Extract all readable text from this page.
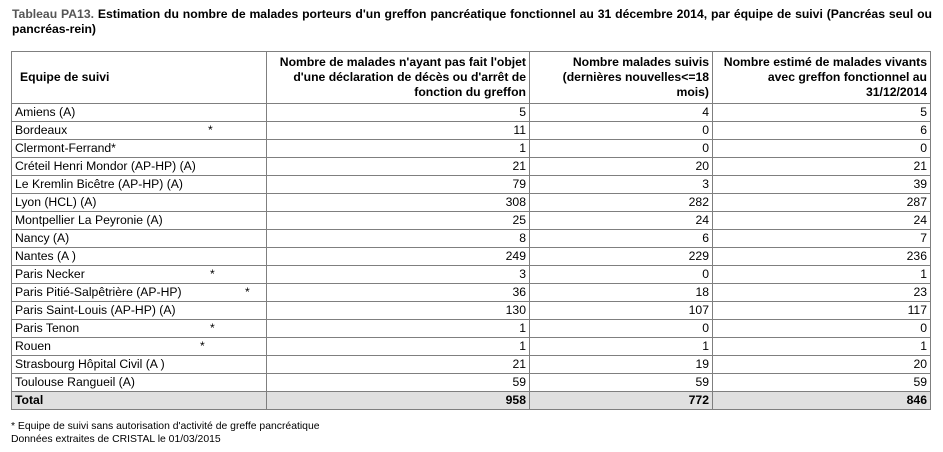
Tableau PA13. Estimation du nombre de malades porteurs d'un greffon pancréatique fonctionnel au 31 décembre 2014, par équipe de suivi (Pancréas seul ou pancréas-rein)
Equipe de suivi	Nombre de malades n'ayant pas fait l'objet d'une déclaration de décès ou d'arrêt de fonction du greffon	Nombre malades suivis (dernières nouvelles<=18 mois)	Nombre estimé de malades vivants avec greffon fonctionnel au 31/12/2014
Amiens (A)	5	4	5
Bordeaux *	11	0	6
Clermont-Ferrand*	1	0	0
Créteil Henri Mondor (AP-HP) (A)	21	20	21
Le Kremlin Bicêtre (AP-HP) (A)	79	3	39
Lyon (HCL) (A)	308	282	287
Montpellier La Peyronie (A)	25	24	24
Nancy (A)	8	6	7
Nantes (A )	249	229	236
Paris Necker *	3	0	1
Paris Pitié-Salpêtrière (AP-HP) *	36	18	23
Paris Saint-Louis (AP-HP) (A)	130	107	117
Paris Tenon *	1	0	0
Rouen *	1	1	1
Strasbourg Hôpital Civil (A )	21	19	20
Toulouse Rangueil (A)	59	59	59
Total	958	772	846
* Equipe de suivi sans autorisation d'activité de greffe pancréatique
Données extraites de CRISTAL le 01/03/2015
